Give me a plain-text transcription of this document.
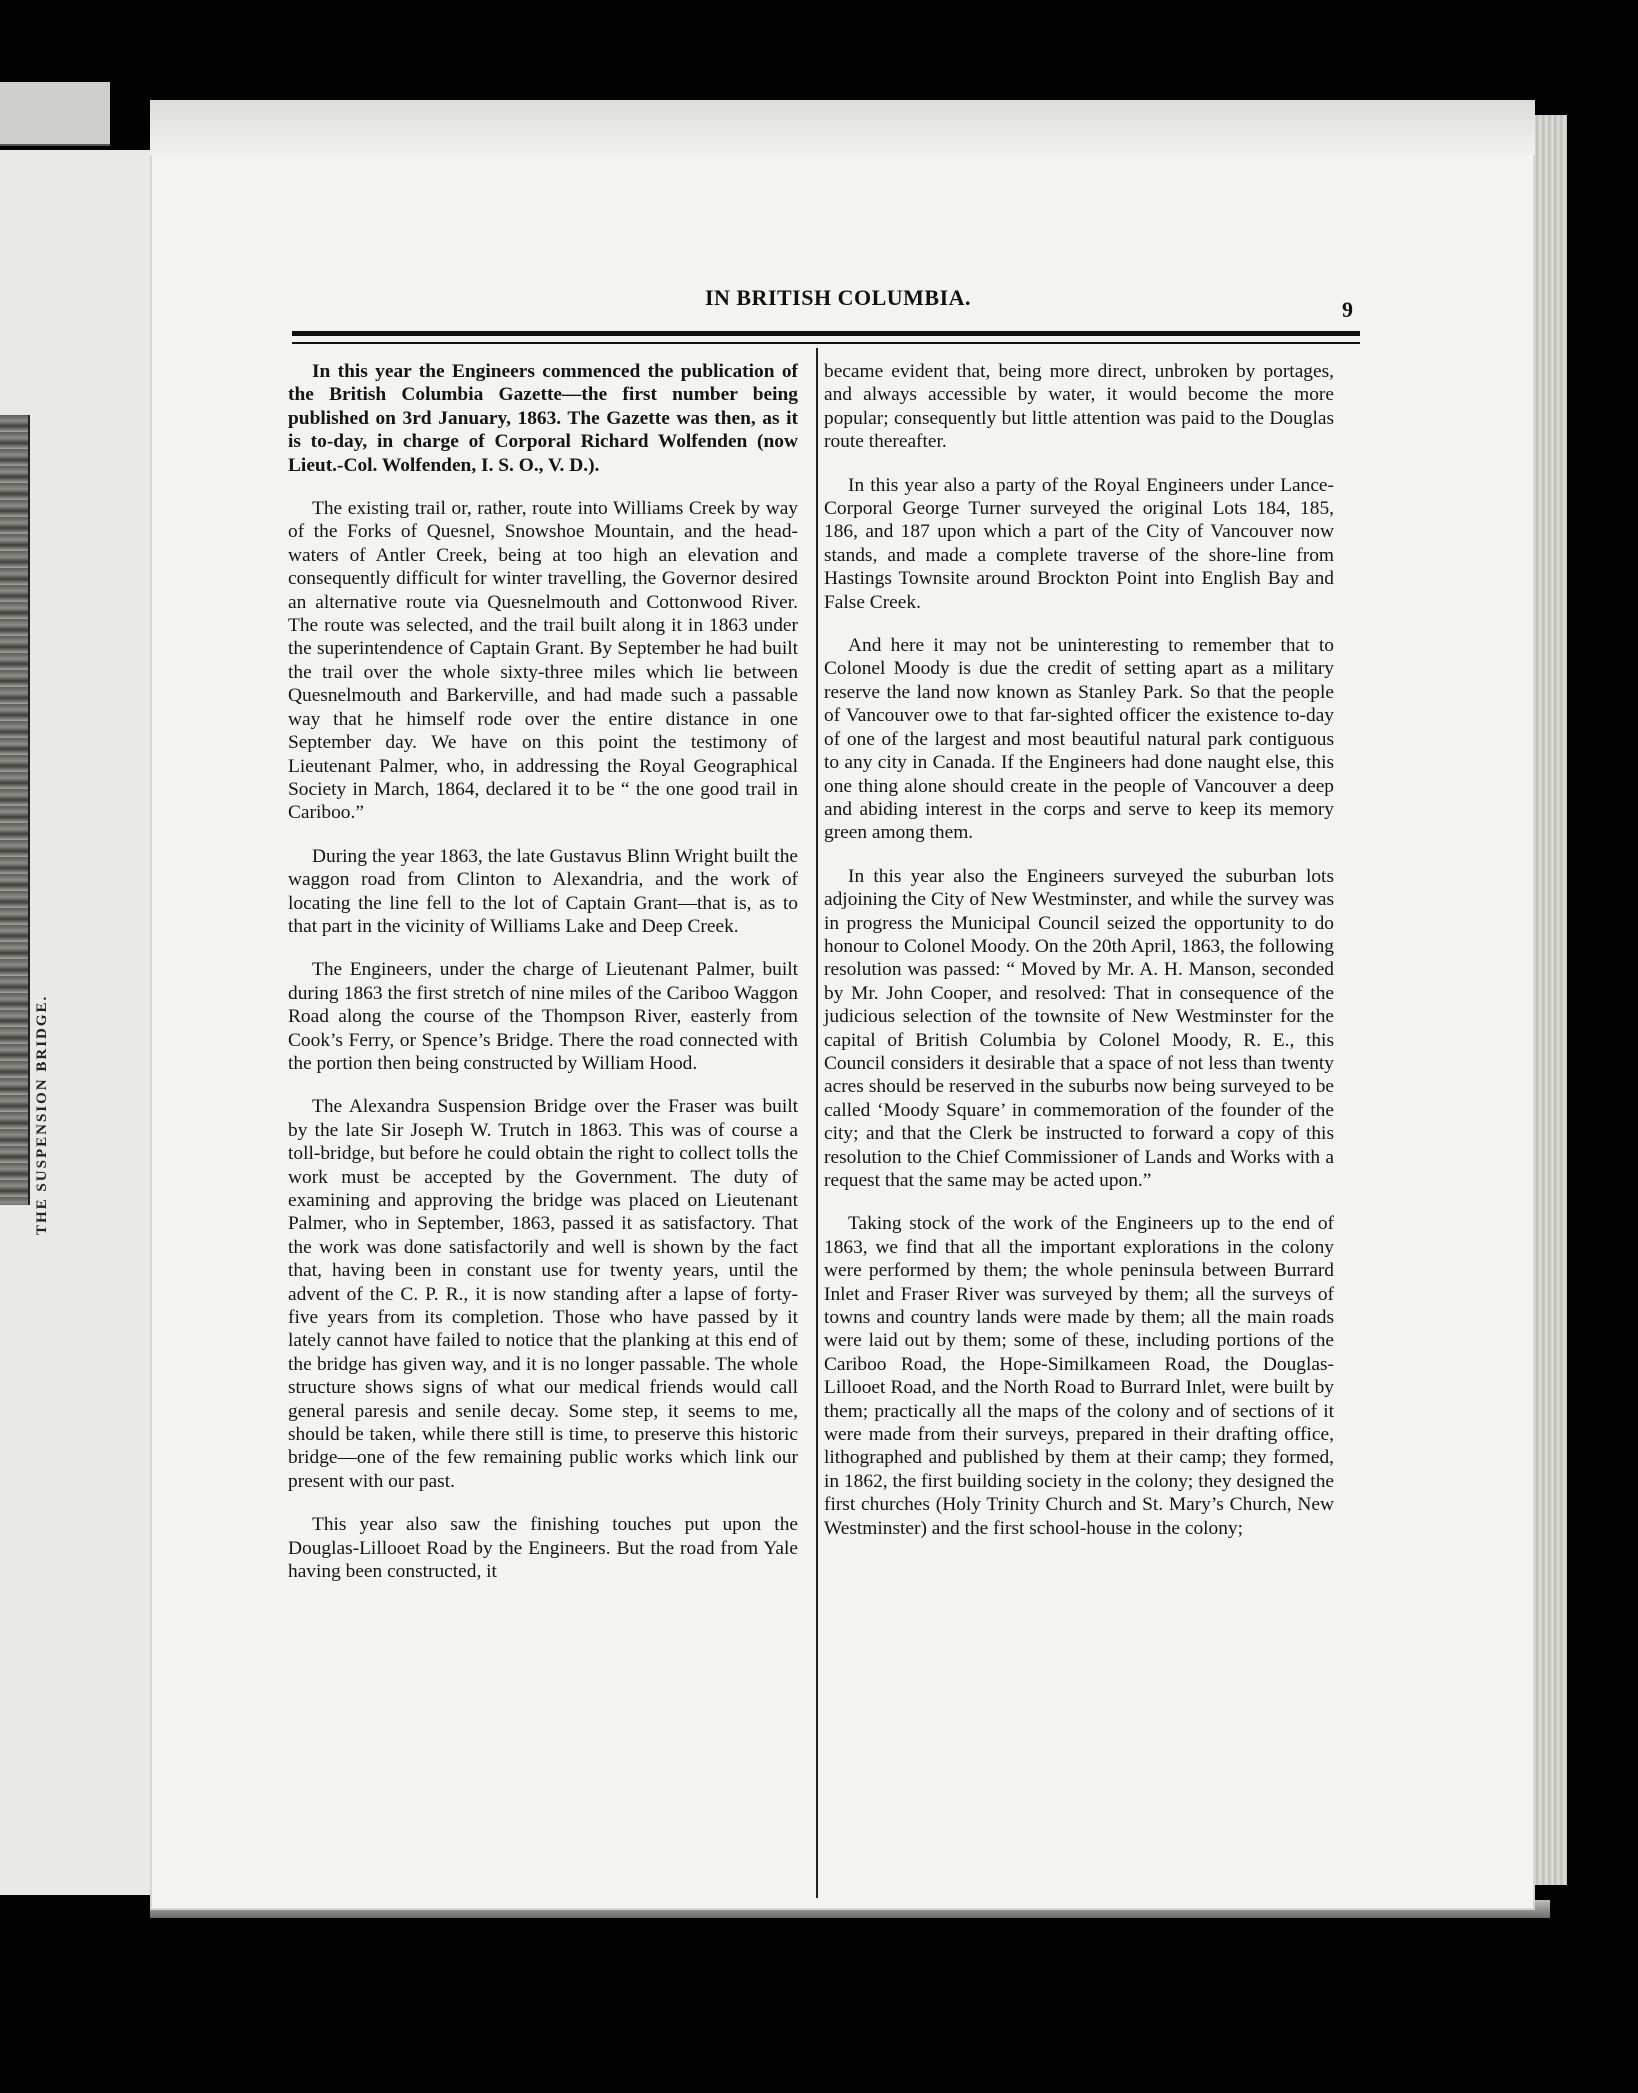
THE SUSPENSION BRIDGE.
IN BRITISH COLUMBIA.	9

In this year the Engineers commenced the publication of the British Columbia Gazette—the first number being published on 3rd January, 1863. The Gazette was then, as it is to-day, in charge of Corporal Richard Wolfenden (now Lieut.-Col. Wolfenden, I. S. O., V. D.).

The existing trail or, rather, route into Williams Creek by way of the Forks of Quesnel, Snowshoe Mountain, and the head-waters of Antler Creek, being at too high an elevation and consequently difficult for winter travelling, the Governor desired an alternative route via Quesnelmouth and Cottonwood River. The route was selected, and the trail built along it in 1863 under the superintendence of Captain Grant. By September he had built the trail over the whole sixty-three miles which lie between Quesnelmouth and Barkerville, and had made such a passable way that he himself rode over the entire distance in one September day. We have on this point the testimony of Lieutenant Palmer, who, in addressing the Royal Geographical Society in March, 1864, declared it to be “ the one good trail in Cariboo.”

During the year 1863, the late Gustavus Blinn Wright built the waggon road from Clinton to Alexandria, and the work of locating the line fell to the lot of Captain Grant—that is, as to that part in the vicinity of Williams Lake and Deep Creek.

The Engineers, under the charge of Lieutenant Palmer, built during 1863 the first stretch of nine miles of the Cariboo Waggon Road along the course of the Thompson River, easterly from Cook’s Ferry, or Spence’s Bridge. There the road connected with the portion then being constructed by William Hood.

The Alexandra Suspension Bridge over the Fraser was built by the late Sir Joseph W. Trutch in 1863. This was of course a toll-bridge, but before he could obtain the right to collect tolls the work must be accepted by the Government. The duty of examining and approving the bridge was placed on Lieutenant Palmer, who in September, 1863, passed it as satisfactory. That the work was done satisfactorily and well is shown by the fact that, having been in constant use for twenty years, until the advent of the C. P. R., it is now standing after a lapse of forty-five years from its completion. Those who have passed by it lately cannot have failed to notice that the planking at this end of the bridge has given way, and it is no longer passable. The whole structure shows signs of what our medical friends would call general paresis and senile decay. Some step, it seems to me, should be taken, while there still is time, to preserve this historic bridge—one of the few remaining public works which link our present with our past.

This year also saw the finishing touches put upon the Douglas-Lillooet Road by the Engineers. But the road from Yale having been constructed, it

became evident that, being more direct, unbroken by portages, and always accessible by water, it would become the more popular; consequently but little attention was paid to the Douglas route thereafter.

In this year also a party of the Royal Engineers under Lance-Corporal George Turner surveyed the original Lots 184, 185, 186, and 187 upon which a part of the City of Vancouver now stands, and made a complete traverse of the shore-line from Hastings Townsite around Brockton Point into English Bay and False Creek.

And here it may not be uninteresting to remember that to Colonel Moody is due the credit of setting apart as a military reserve the land now known as Stanley Park. So that the people of Vancouver owe to that far-sighted officer the existence to-day of one of the largest and most beautiful natural park contiguous to any city in Canada. If the Engineers had done naught else, this one thing alone should create in the people of Vancouver a deep and abiding interest in the corps and serve to keep its memory green among them.

In this year also the Engineers surveyed the suburban lots adjoining the City of New Westminster, and while the survey was in progress the Municipal Council seized the opportunity to do honour to Colonel Moody. On the 20th April, 1863, the following resolution was passed: “ Moved by Mr. A. H. Manson, seconded by Mr. John Cooper, and resolved: That in consequence of the judicious selection of the townsite of New Westminster for the capital of British Columbia by Colonel Moody, R. E., this Council considers it desirable that a space of not less than twenty acres should be reserved in the suburbs now being surveyed to be called ‘Moody Square’ in commemoration of the founder of the city; and that the Clerk be instructed to forward a copy of this resolution to the Chief Commissioner of Lands and Works with a request that the same may be acted upon.”

Taking stock of the work of the Engineers up to the end of 1863, we find that all the important explorations in the colony were performed by them; the whole peninsula between Burrard Inlet and Fraser River was surveyed by them; all the surveys of towns and country lands were made by them; all the main roads were laid out by them; some of these, including portions of the Cariboo Road, the Hope-Similkameen Road, the Douglas-Lillooet Road, and the North Road to Burrard Inlet, were built by them; practically all the maps of the colony and of sections of it were made from their surveys, prepared in their drafting office, lithographed and published by them at their camp; they formed, in 1862, the first building society in the colony; they designed the first churches (Holy Trinity Church and St. Mary’s Church, New Westminster) and the first school-house in the colony;
